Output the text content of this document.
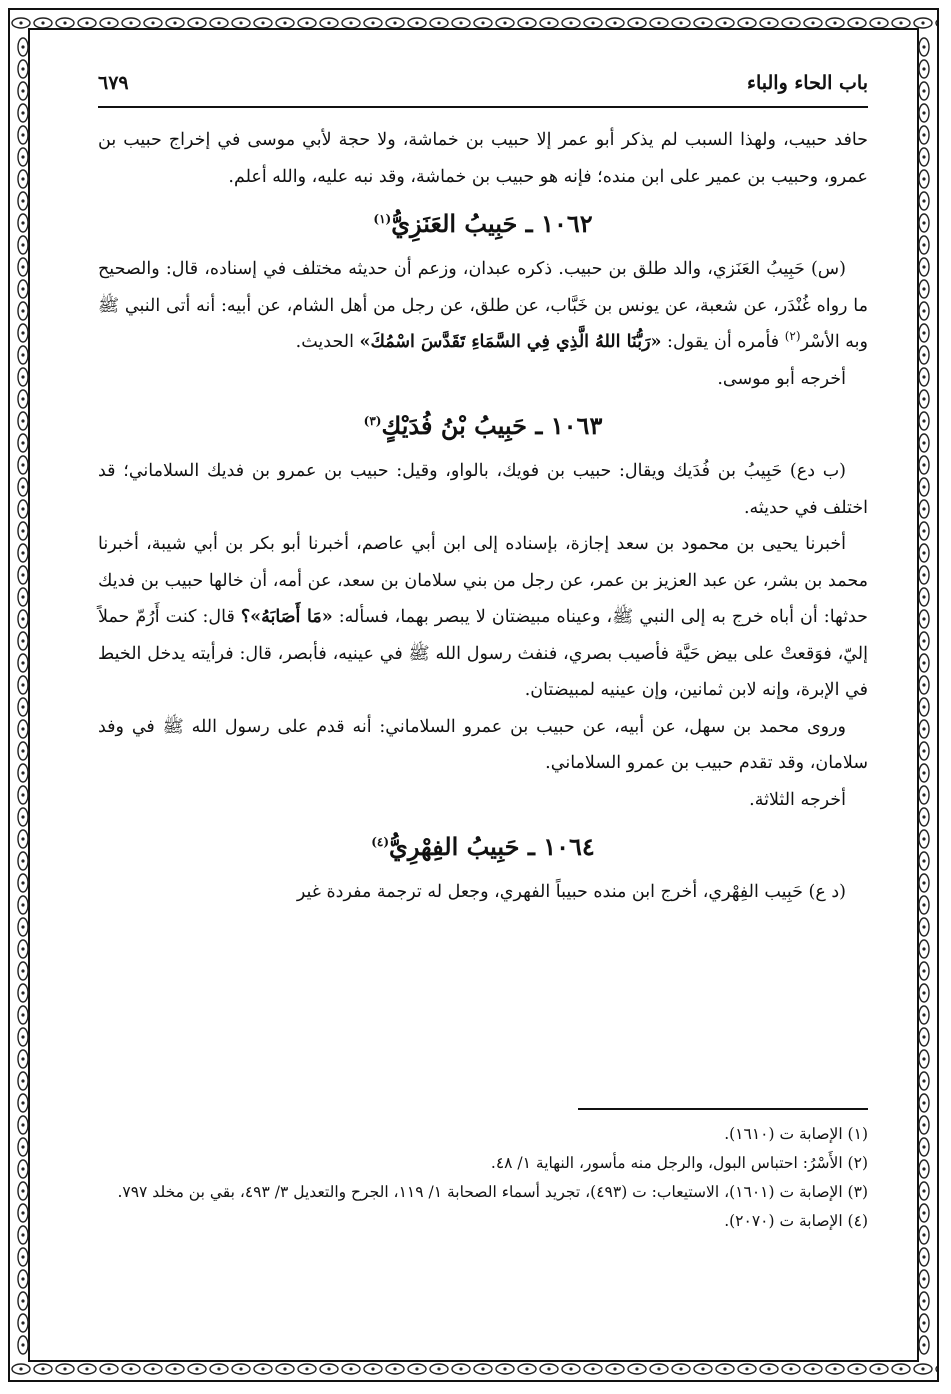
باب الحاء والباء
٦٧٩

حافد حبيب، ولهذا السبب لم يذكر أبو عمر إلا حبيب بن خماشة، ولا حجة لأبي موسى في إخراج حبيب بن عمرو، وحبيب بن عمير على ابن منده؛ فإنه هو حبيب بن خماشة، وقد نبه عليه، والله أعلم.

١٠٦٢ ـ حَبِيبُ العَنَزِيُّ$^{(١)}$

(س) حَبِيبُ العَنَزي، والد طلق بن حبيب. ذكره عبدان، وزعم أن حديثه مختلف في إسناده، قال: والصحيح ما رواه غُنْدَر، عن شعبة، عن يونس بن خَبَّاب، عن طلق، عن رجل من أهل الشام، عن أبيه: أنه أتى النبي ﷺ وبه الأسْر$^{(٢)}$ فأمره أن يقول: «رَبُّنَا اللهُ الَّذِي فِي السَّمَاءِ تَقَدَّسَ اسْمُكَ» الحديث.

أخرجه أبو موسى.

١٠٦٣ ـ حَبِيبُ بْنُ فُدَيْكٍ$^{(٣)}$

(ب دع) حَبِيبُ بن فُدَيك ويقال: حبيب بن فويك، بالواو، وقيل: حبيب بن عمرو بن فديك السلاماني؛ قد اختلف في حديثه.

أخبرنا يحيى بن محمود بن سعد إجازة، بإسناده إلى ابن أبي عاصم، أخبرنا أبو بكر بن أبي شيبة، أخبرنا محمد بن بشر، عن عبد العزيز بن عمر، عن رجل من بني سلامان بن سعد، عن أمه، أن خالها حبيب بن فديك حدثها: أن أباه خرج به إلى النبي ﷺ، وعيناه مبيضتان لا يبصر بهما، فسأله: «مَا أَصَابَهُ»؟ قال: كنت أَرُمّ حملاً إليّ، فوَقعتْ على بيض حَيَّة فأصيب بصري، فنفث رسول الله ﷺ في عينيه، فأبصر، قال: فرأيته يدخل الخيط في الإبرة، وإنه لابن ثمانين، وإن عينيه لمبيضتان.

وروى محمد بن سهل، عن أبيه، عن حبيب بن عمرو السلاماني: أنه قدم على رسول الله ﷺ في وفد سلامان، وقد تقدم حبيب بن عمرو السلاماني.

أخرجه الثلاثة.

١٠٦٤ ـ حَبِيبُ الفِهْرِيُّ$^{(٤)}$

(د ع) حَبِيب الفِهْري، أخرج ابن منده حبيباً الفهري، وجعل له ترجمة مفردة غير

(١) الإصابة ت (١٦١٠).
(٢) الأَسْرُ: احتباس البول، والرجل منه مأسور، النهاية ١/ ٤٨.
(٣) الإصابة ت (١٦٠١)، الاستيعاب: ت (٤٩٣)، تجريد أسماء الصحابة ١/ ١١٩، الجرح والتعديل ٣/ ٤٩٣، بقي بن مخلد ٧٩٧.
(٤) الإصابة ت (٢٠٧٠).
